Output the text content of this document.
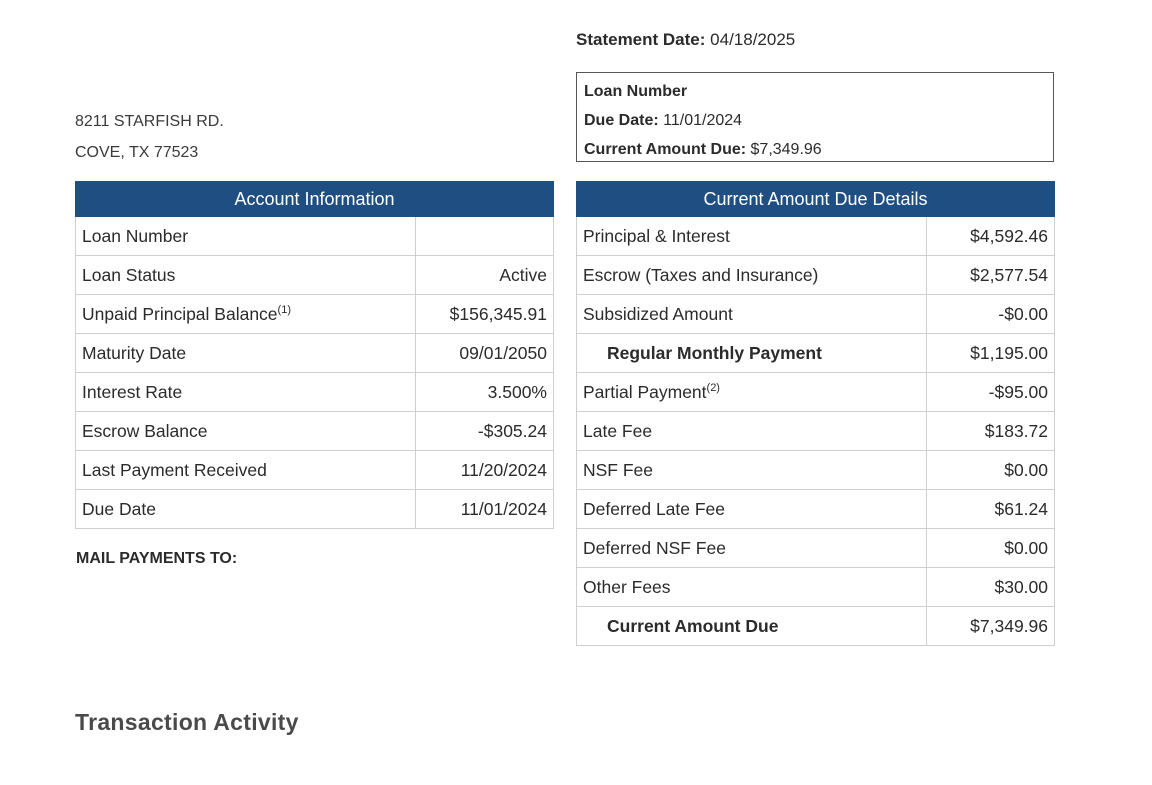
Statement Date: 04/18/2025
8211 STARFISH RD.
COVE, TX 77523
Loan Number
Due Date: 11/01/2024
Current Amount Due: $7,349.96
Account Information	
Loan Number	
Loan Status	Active
Unpaid Principal Balance$^{(1)}$	$156,345.91
Maturity Date	09/01/2050
Interest Rate	3.500%
Escrow Balance	-$305.24
Last Payment Received	11/20/2024
Due Date	11/01/2024
Current Amount Due Details	
Principal & Interest	$4,592.46
Escrow (Taxes and Insurance)	$2,577.54
Subsidized Amount	-$0.00
Regular Monthly Payment	$1,195.00
Partial Payment$^{(2)}$	-$95.00
Late Fee	$183.72
NSF Fee	$0.00
Deferred Late Fee	$61.24
Deferred NSF Fee	$0.00
Other Fees	$30.00
Current Amount Due	$7,349.96
MAIL PAYMENTS TO:
Transaction Activity
